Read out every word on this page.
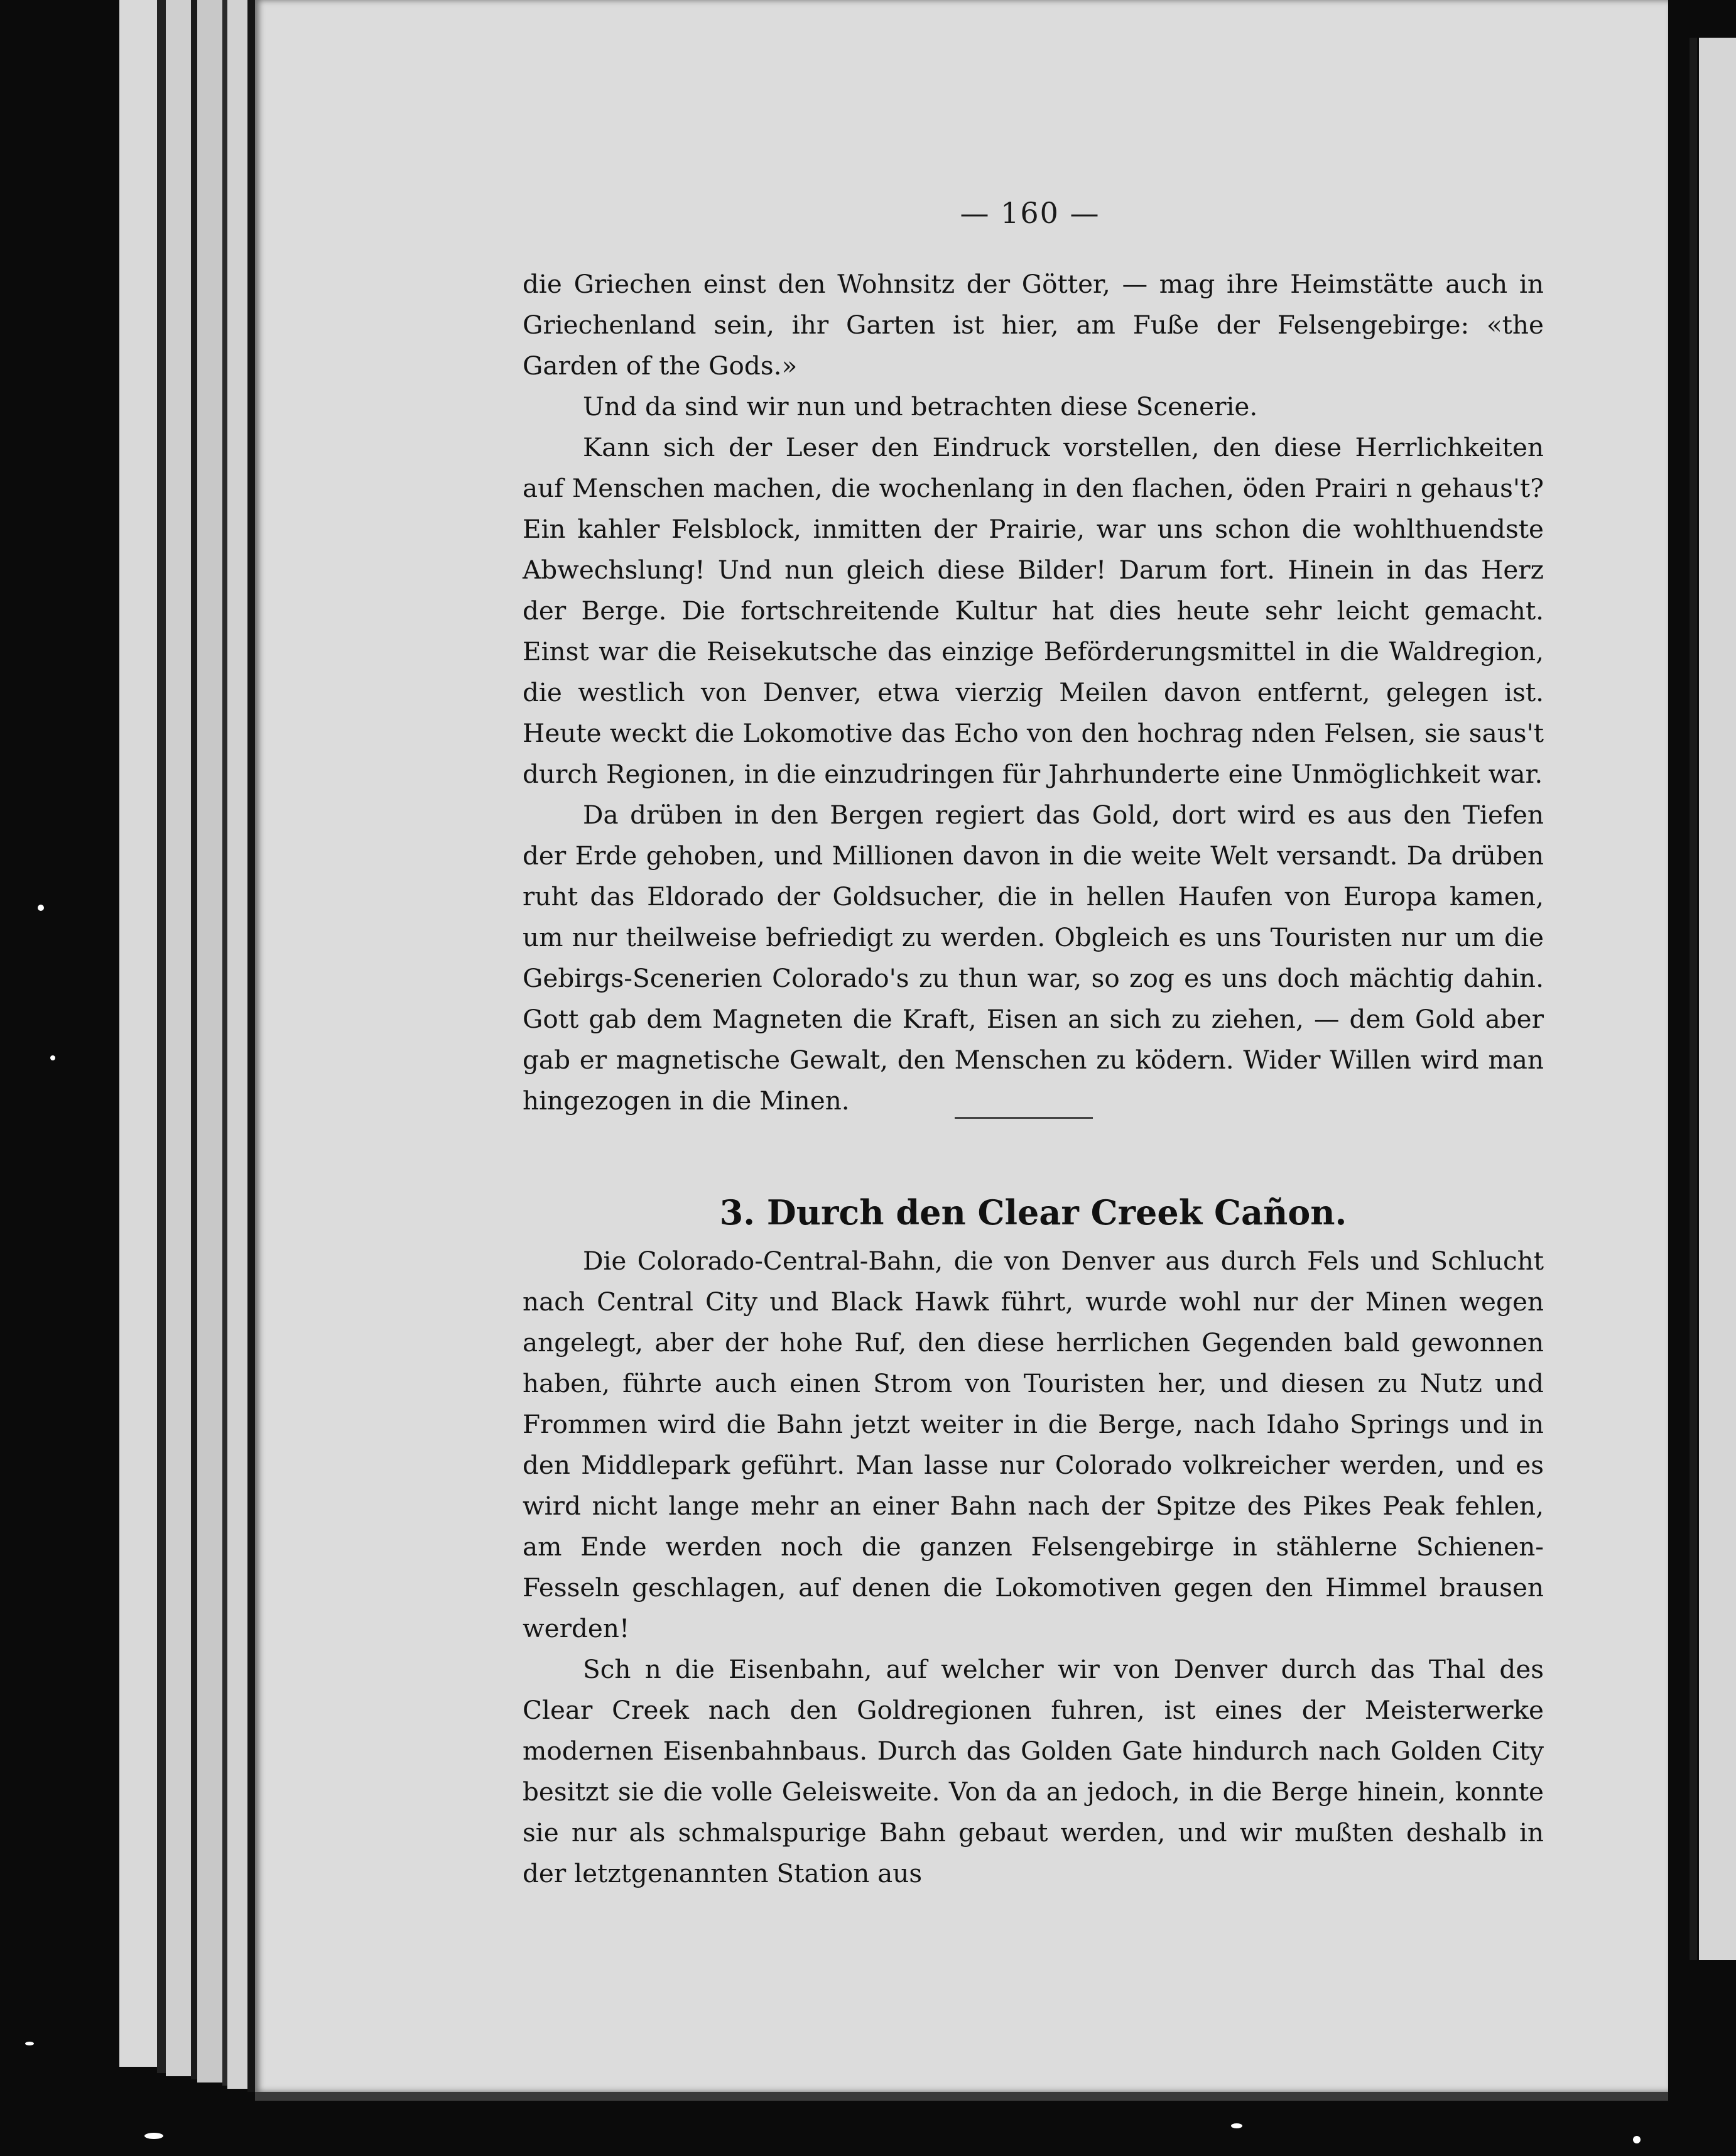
— 160 —

die Griechen einst den Wohnsitz der Götter, — mag ihre Heimstätte auch in Griechenland sein, ihr Garten ist hier, am Fuße der Felsengebirge: «the Garden of the Gods.»

Und da sind wir nun und betrachten diese Scenerie.

Kann sich der Leser den Eindruck vorstellen, den diese Herrlichkeiten auf Menschen machen, die wochenlang in den flachen, öden Prairi n gehaus't? Ein kahler Felsblock, inmitten der Prairie, war uns schon die wohlthuendste Abwechslung! Und nun gleich diese Bilder! Darum fort. Hinein in das Herz der Berge. Die fortschreitende Kultur hat dies heute sehr leicht gemacht. Einst war die Reisekutsche das einzige Beförderungsmittel in die Waldregion, die westlich von Denver, etwa vierzig Meilen davon entfernt, gelegen ist. Heute weckt die Lokomotive das Echo von den hochrag nden Felsen, sie saus't durch Regionen, in die einzudringen für Jahrhunderte eine Unmöglichkeit war.

Da drüben in den Bergen regiert das Gold, dort wird es aus den Tiefen der Erde gehoben, und Millionen davon in die weite Welt versandt. Da drüben ruht das Eldorado der Goldsucher, die in hellen Haufen von Europa kamen, um nur theilweise befriedigt zu werden. Obgleich es uns Touristen nur um die Gebirgs-Scenerien Colorado's zu thun war, so zog es uns doch mächtig dahin. Gott gab dem Magneten die Kraft, Eisen an sich zu ziehen, — dem Gold aber gab er magnetische Gewalt, den Menschen zu ködern. Wider Willen wird man hingezogen in die Minen.

3. Durch den Clear Creek Cañon.

Die Colorado-Central-Bahn, die von Denver aus durch Fels und Schlucht nach Central City und Black Hawk führt, wurde wohl nur der Minen wegen angelegt, aber der hohe Ruf, den diese herrlichen Gegenden bald gewonnen haben, führte auch einen Strom von Touristen her, und diesen zu Nutz und Frommen wird die Bahn jetzt weiter in die Berge, nach Idaho Springs und in den Middlepark geführt. Man lasse nur Colorado volkreicher werden, und es wird nicht lange mehr an einer Bahn nach der Spitze des Pikes Peak fehlen, am Ende werden noch die ganzen Felsengebirge in stählerne Schienen-Fesseln geschlagen, auf denen die Lokomotiven gegen den Himmel brausen werden!

Sch n die Eisenbahn, auf welcher wir von Denver durch das Thal des Clear Creek nach den Goldregionen fuhren, ist eines der Meisterwerke modernen Eisenbahnbaus. Durch das Golden Gate hindurch nach Golden City besitzt sie die volle Geleisweite. Von da an jedoch, in die Berge hinein, konnte sie nur als schmalspurige Bahn gebaut werden, und wir mußten deshalb in der letztgenannten Station aus
